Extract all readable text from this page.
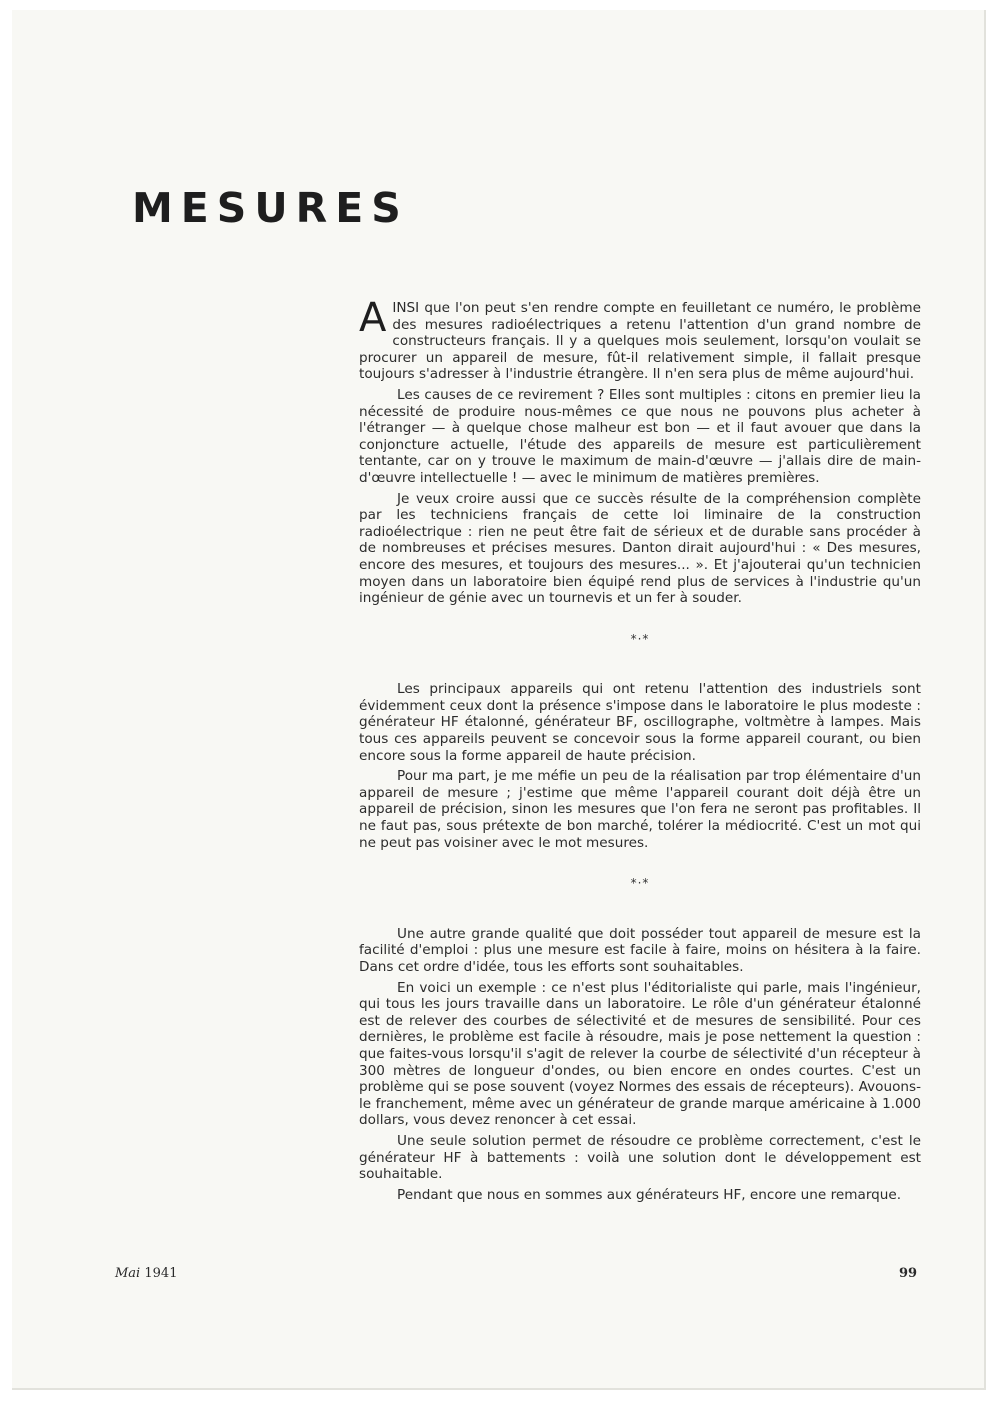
MESURES

AINSI que l'on peut s'en rendre compte en feuilletant ce numéro, le problème des mesures radioélectriques a retenu l'attention d'un grand nombre de constructeurs français. Il y a quelques mois seulement, lorsqu'on voulait se procurer un appareil de mesure, fût-il relativement simple, il fallait presque toujours s'adresser à l'industrie étrangère. Il n'en sera plus de même aujourd'hui.

Les causes de ce revirement ? Elles sont multiples : citons en premier lieu la nécessité de produire nous-mêmes ce que nous ne pouvons plus acheter à l'étranger — à quelque chose malheur est bon — et il faut avouer que dans la conjoncture actuelle, l'étude des appareils de mesure est particulièrement tentante, car on y trouve le maximum de main-d'œuvre — j'allais dire de main-d'œuvre intellectuelle ! — avec le minimum de matières premières.

Je veux croire aussi que ce succès résulte de la compréhension complète par les techniciens français de cette loi liminaire de la construction radioélectrique : rien ne peut être fait de sérieux et de durable sans procéder à de nombreuses et précises mesures. Danton dirait aujourd'hui : « Des mesures, encore des mesures, et toujours des mesures... ». Et j'ajouterai qu'un technicien moyen dans un laboratoire bien équipé rend plus de services à l'industrie qu'un ingénieur de génie avec un tournevis et un fer à souder.

*·*

Les principaux appareils qui ont retenu l'attention des industriels sont évidemment ceux dont la présence s'impose dans le laboratoire le plus modeste : générateur HF étalonné, générateur BF, oscillographe, voltmètre à lampes. Mais tous ces appareils peuvent se concevoir sous la forme appareil courant, ou bien encore sous la forme appareil de haute précision.

Pour ma part, je me méfie un peu de la réalisation par trop élémentaire d'un appareil de mesure ; j'estime que même l'appareil courant doit déjà être un appareil de précision, sinon les mesures que l'on fera ne seront pas profitables. Il ne faut pas, sous prétexte de bon marché, tolérer la médiocrité. C'est un mot qui ne peut pas voisiner avec le mot mesures.

*·*

Une autre grande qualité que doit posséder tout appareil de mesure est la facilité d'emploi : plus une mesure est facile à faire, moins on hésitera à la faire. Dans cet ordre d'idée, tous les efforts sont souhaitables.

En voici un exemple : ce n'est plus l'éditorialiste qui parle, mais l'ingénieur, qui tous les jours travaille dans un laboratoire. Le rôle d'un générateur étalonné est de relever des courbes de sélectivité et de mesures de sensibilité. Pour ces dernières, le problème est facile à résoudre, mais je pose nettement la question : que faites-vous lorsqu'il s'agit de relever la courbe de sélectivité d'un récepteur à 300 mètres de longueur d'ondes, ou bien encore en ondes courtes. C'est un problème qui se pose souvent (voyez Normes des essais de récepteurs). Avouons-le franchement, même avec un générateur de grande marque américaine à 1.000 dollars, vous devez renoncer à cet essai.

Une seule solution permet de résoudre ce problème correctement, c'est le générateur HF à battements : voilà une solution dont le développement est souhaitable.

Pendant que nous en sommes aux générateurs HF, encore une remarque.

Mai 1941	99
